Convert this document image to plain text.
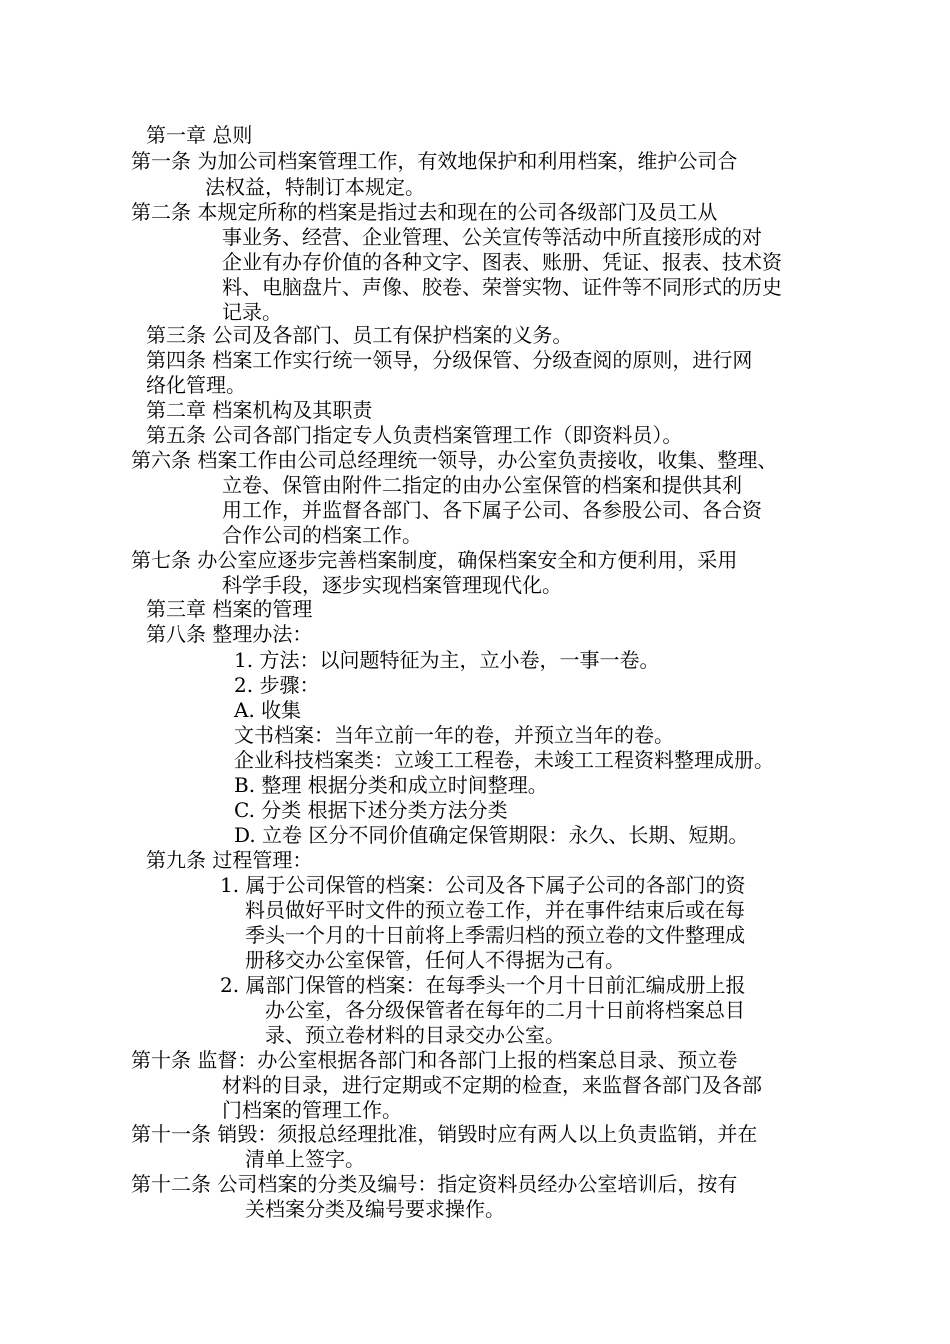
第一章 总则
第一条 为加公司档案管理工作，有效地保护和利用档案，维护公司合
法权益，特制订本规定。
第二条 本规定所称的档案是指过去和现在的公司各级部门及员工从
事业务、经营、企业管理、公关宣传等活动中所直接形成的对
企业有办存价值的各种文字、图表、账册、凭证、报表、技术资
料、电脑盘片、声像、胶卷、荣誉实物、证件等不同形式的历史
记录。
第三条 公司及各部门、员工有保护档案的义务。
第四条 档案工作实行统一领导，分级保管、分级查阅的原则，进行网
络化管理。
第二章 档案机构及其职责
第五条 公司各部门指定专人负责档案管理工作（即资料员）。
第六条 档案工作由公司总经理统一领导，办公室负责接收，收集、整理、
立卷、保管由附件二指定的由办公室保管的档案和提供其利
用工作，并监督各部门、各下属子公司、各参股公司、各合资
合作公司的档案工作。
第七条 办公室应逐步完善档案制度，确保档案安全和方便利用，采用
科学手段，逐步实现档案管理现代化。
第三章 档案的管理
第八条 整理办法：
1. 方法：以问题特征为主，立小卷，一事一卷。
2. 步骤：
A. 收集
文书档案：当年立前一年的卷，并预立当年的卷。
企业科技档案类：立竣工工程卷，未竣工工程资料整理成册。
B. 整理 根据分类和成立时间整理。
C. 分类 根据下述分类方法分类
D. 立卷 区分不同价值确定保管期限：永久、长期、短期。
第九条 过程管理：
1. 属于公司保管的档案：公司及各下属子公司的各部门的资
料员做好平时文件的预立卷工作，并在事件结束后或在每
季头一个月的十日前将上季需归档的预立卷的文件整理成
册移交办公室保管，任何人不得据为己有。
2. 属部门保管的档案：在每季头一个月十日前汇编成册上报
办公室，各分级保管者在每年的二月十日前将档案总目
录、预立卷材料的目录交办公室。
第十条 监督：办公室根据各部门和各部门上报的档案总目录、预立卷
材料的目录，进行定期或不定期的检查，来监督各部门及各部
门档案的管理工作。
第十一条 销毁：须报总经理批准，销毁时应有两人以上负责监销，并在
清单上签字。
第十二条 公司档案的分类及编号：指定资料员经办公室培训后，按有
关档案分类及编号要求操作。
